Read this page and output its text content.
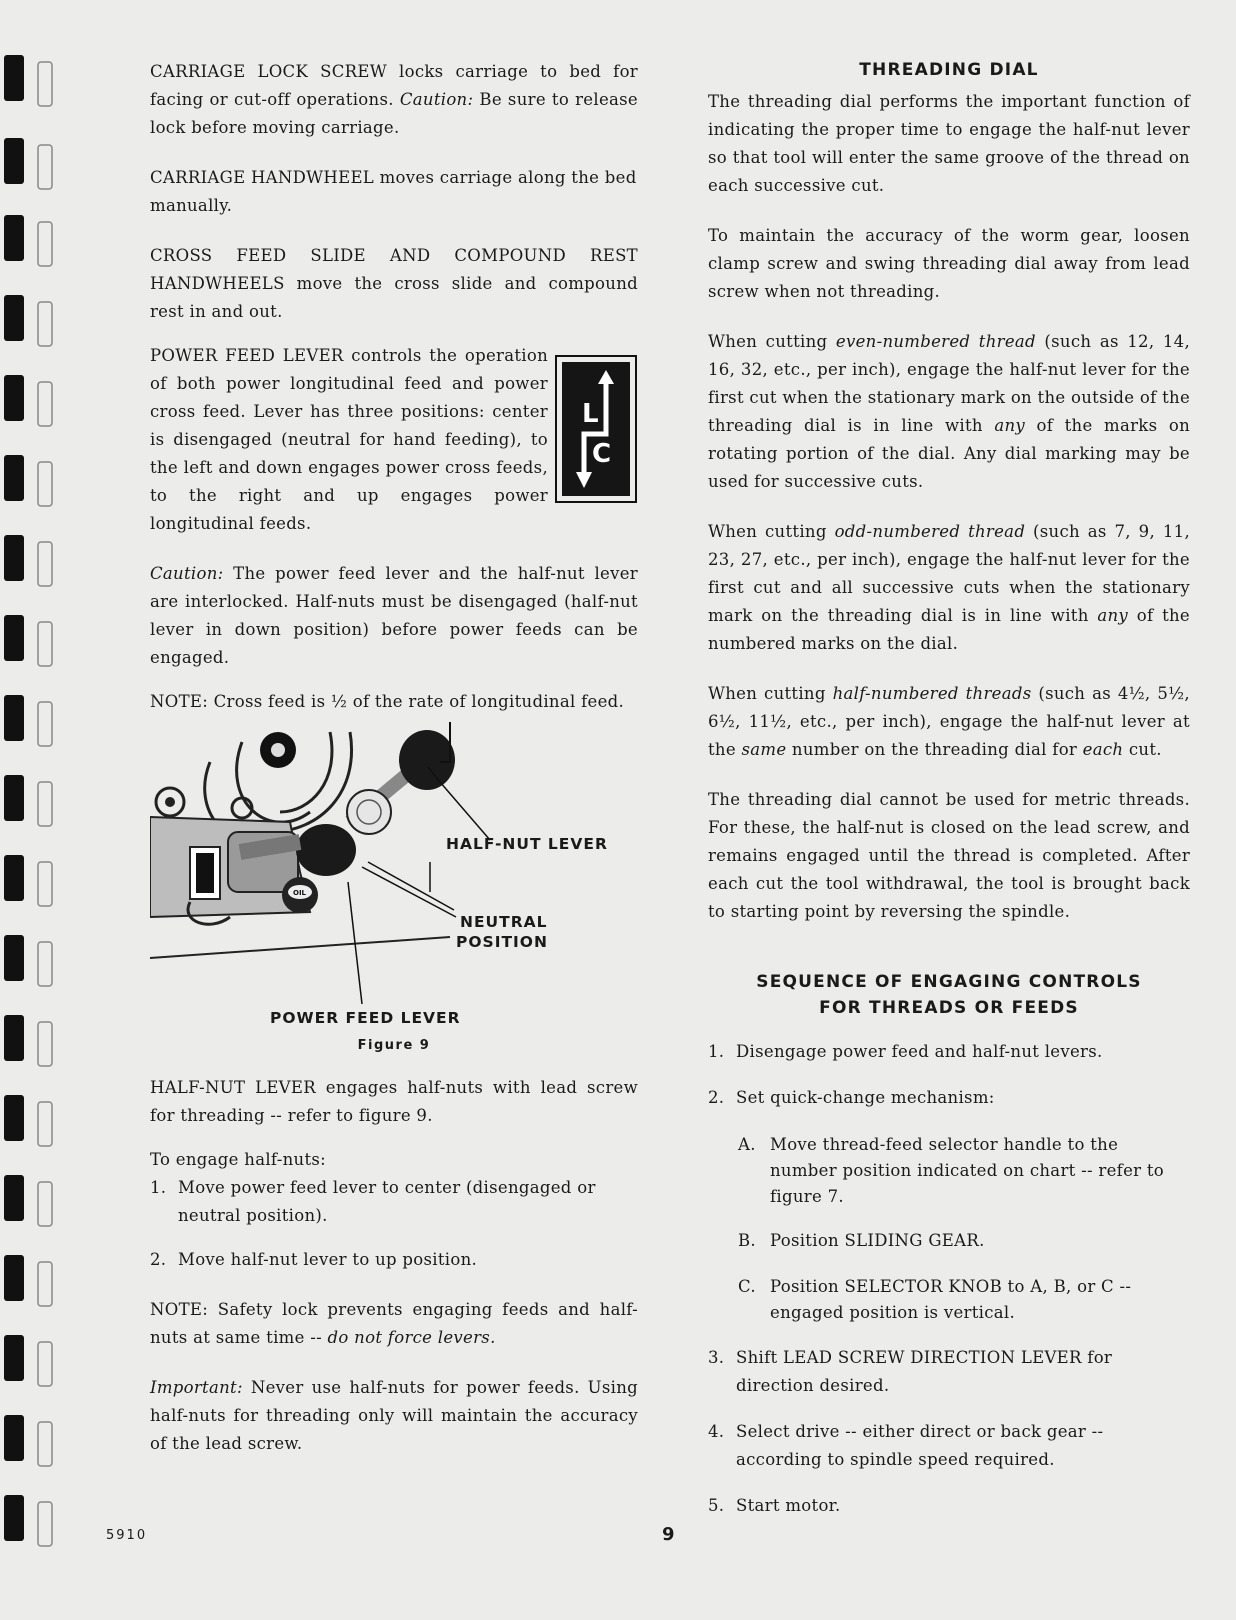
CARRIAGE LOCK SCREW locks carriage to bed for facing or cut-off operations. Caution: Be sure to release lock before moving carriage.

CARRIAGE HANDWHEEL moves carriage along the bed manually.

CROSS FEED SLIDE AND COMPOUND REST HANDWHEELS move the cross slide and compound rest in and out.

POWER FEED LEVER controls the operation of both power longitudinal feed and power cross feed. Lever has three positions: center is disengaged (neutral for hand feeding), to the left and down engages power cross feeds, to the right and up engages power longitudinal feeds.

L
C

Caution: The power feed lever and the half-nut lever are interlocked. Half-nuts must be disengaged (half-nut lever in down position) before power feeds can be engaged.

NOTE: Cross feed is ½ of the rate of longitudinal feed.

OIL
HALF-NUT LEVER
NEUTRAL
POSITION
POWER FEED LEVER
Figure 9

HALF-NUT LEVER engages half-nuts with lead screw for threading -- refer to figure 9.

To engage half-nuts:

1. Move power feed lever to center (disengaged or neutral position).
2. Move half-nut lever to up position.

NOTE: Safety lock prevents engaging feeds and half-nuts at same time -- do not force levers.

Important: Never use half-nuts for power feeds. Using half-nuts for threading only will maintain the accuracy of the lead screw.

THREADING DIAL

The threading dial performs the important function of indicating the proper time to engage the half-nut lever so that tool will enter the same groove of the thread on each successive cut.

To maintain the accuracy of the worm gear, loosen clamp screw and swing threading dial away from lead screw when not threading.

When cutting even-numbered thread (such as 12, 14, 16, 32, etc., per inch), engage the half-nut lever for the first cut when the stationary mark on the outside of the threading dial is in line with any of the marks on rotating portion of the dial. Any dial marking may be used for successive cuts.

When cutting odd-numbered thread (such as 7, 9, 11, 23, 27, etc., per inch), engage the half-nut lever for the first cut and all successive cuts when the stationary mark on the threading dial is in line with any of the numbered marks on the dial.

When cutting half-numbered threads (such as 4½, 5½, 6½, 11½, etc., per inch), engage the half-nut lever at the same number on the threading dial for each cut.

The threading dial cannot be used for metric threads. For these, the half-nut is closed on the lead screw, and remains engaged until the thread is completed. After each cut the tool withdrawal, the tool is brought back to starting point by reversing the spindle.

SEQUENCE OF ENGAGING CONTROLS
FOR THREADS OR FEEDS
1. Disengage power feed and half-nut levers.
2. Set quick-change mechanism:
A. Move thread-feed selector handle to the number position indicated on chart -- refer to figure 7.
B. Position SLIDING GEAR.
C. Position SELECTOR KNOB to A, B, or C -- engaged position is vertical.
3. Shift LEAD SCREW DIRECTION LEVER for direction desired.
4. Select drive -- either direct or back gear -- according to spindle speed required.
5. Start motor.
5910	9
